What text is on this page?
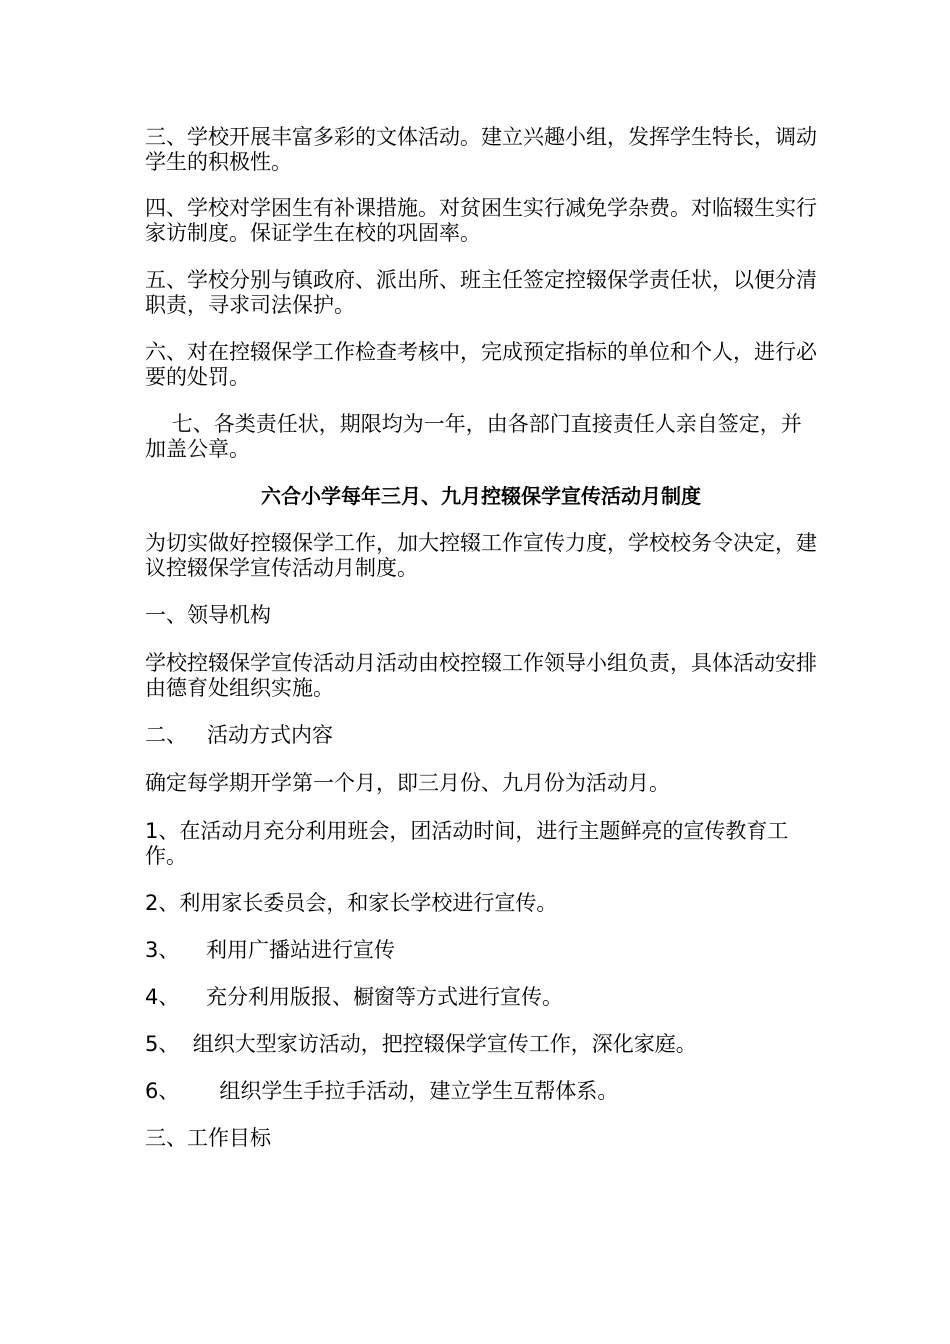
三、学校开展丰富多彩的文体活动。建立兴趣小组，发挥学生特长，调动学生的积极性。

四、学校对学困生有补课措施。对贫困生实行减免学杂费。对临辍生实行家访制度。保证学生在校的巩固率。

五、学校分别与镇政府、派出所、班主任签定控辍保学责任状，以便分清职责，寻求司法保护。

六、对在控辍保学工作检查考核中，完成预定指标的单位和个人，进行必要的处罚。

七、各类责任状，期限均为一年，由各部门直接责任人亲自签定，并加盖公章。

六合小学每年三月、九月控辍保学宣传活动月制度

为切实做好控辍保学工作，加大控辍工作宣传力度，学校校务令决定，建议控辍保学宣传活动月制度。

一、领导机构

学校控辍保学宣传活动月活动由校控辍工作领导小组负责，具体活动安排由德育处组织实施。

二、   活动方式内容

确定每学期开学第一个月，即三月份、九月份为活动月。

1、在活动月充分利用班会，团活动时间，进行主题鲜亮的宣传教育工作。

2、利用家长委员会，和家长学校进行宣传。

3、    利用广播站进行宣传

4、    充分利用版报、橱窗等方式进行宣传。

5、  组织大型家访活动，把控辍保学宣传工作，深化家庭。

6、      组织学生手拉手活动，建立学生互帮体系。

三、工作目标
